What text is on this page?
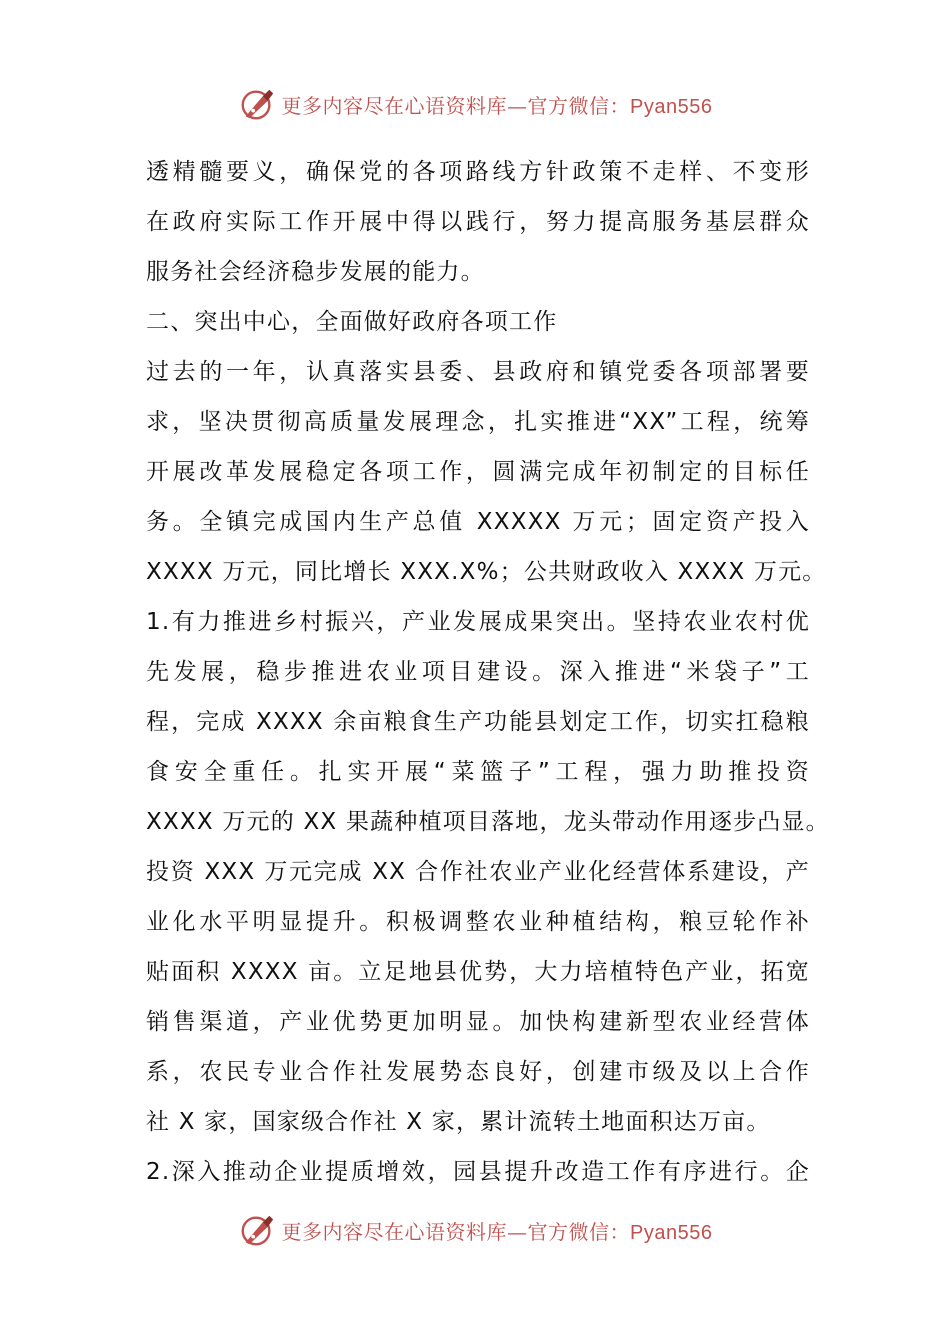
更多内容尽在心语资料库—官方微信：Pyan556
透精髓要义，确保党的各项路线方针政策不走样、不变形
在政府实际工作开展中得以践行，努力提高服务基层群众
服务社会经济稳步发展的能力。
二、突出中心，全面做好政府各项工作
过去的一年，认真落实县委、县政府和镇党委各项部署要
求，坚决贯彻高质量发展理念，扎实推进“XX”工程，统筹
开展改革发展稳定各项工作，圆满完成年初制定的目标任
务。全镇完成国内生产总值 XXXXX 万元；固定资产投入
XXXX 万元，同比增长 XXX.X%；公共财政收入 XXXX 万元。
1.有力推进乡村振兴，产业发展成果突出。坚持农业农村优
先发展，稳步推进农业项目建设。深入推进“米袋子”工
程，完成 XXXX 余亩粮食生产功能县划定工作，切实扛稳粮
食安全重任。扎实开展“菜篮子”工程，强力助推投资
XXXX 万元的 XX 果蔬种植项目落地，龙头带动作用逐步凸显。
投资 XXX 万元完成 XX 合作社农业产业化经营体系建设，产
业化水平明显提升。积极调整农业种植结构，粮豆轮作补
贴面积 XXXX 亩。立足地县优势，大力培植特色产业，拓宽
销售渠道，产业优势更加明显。加快构建新型农业经营体
系，农民专业合作社发展势态良好，创建市级及以上合作
社 X 家，国家级合作社 X 家，累计流转土地面积达万亩。
2.深入推动企业提质增效，园县提升改造工作有序进行。企
更多内容尽在心语资料库—官方微信：Pyan556
